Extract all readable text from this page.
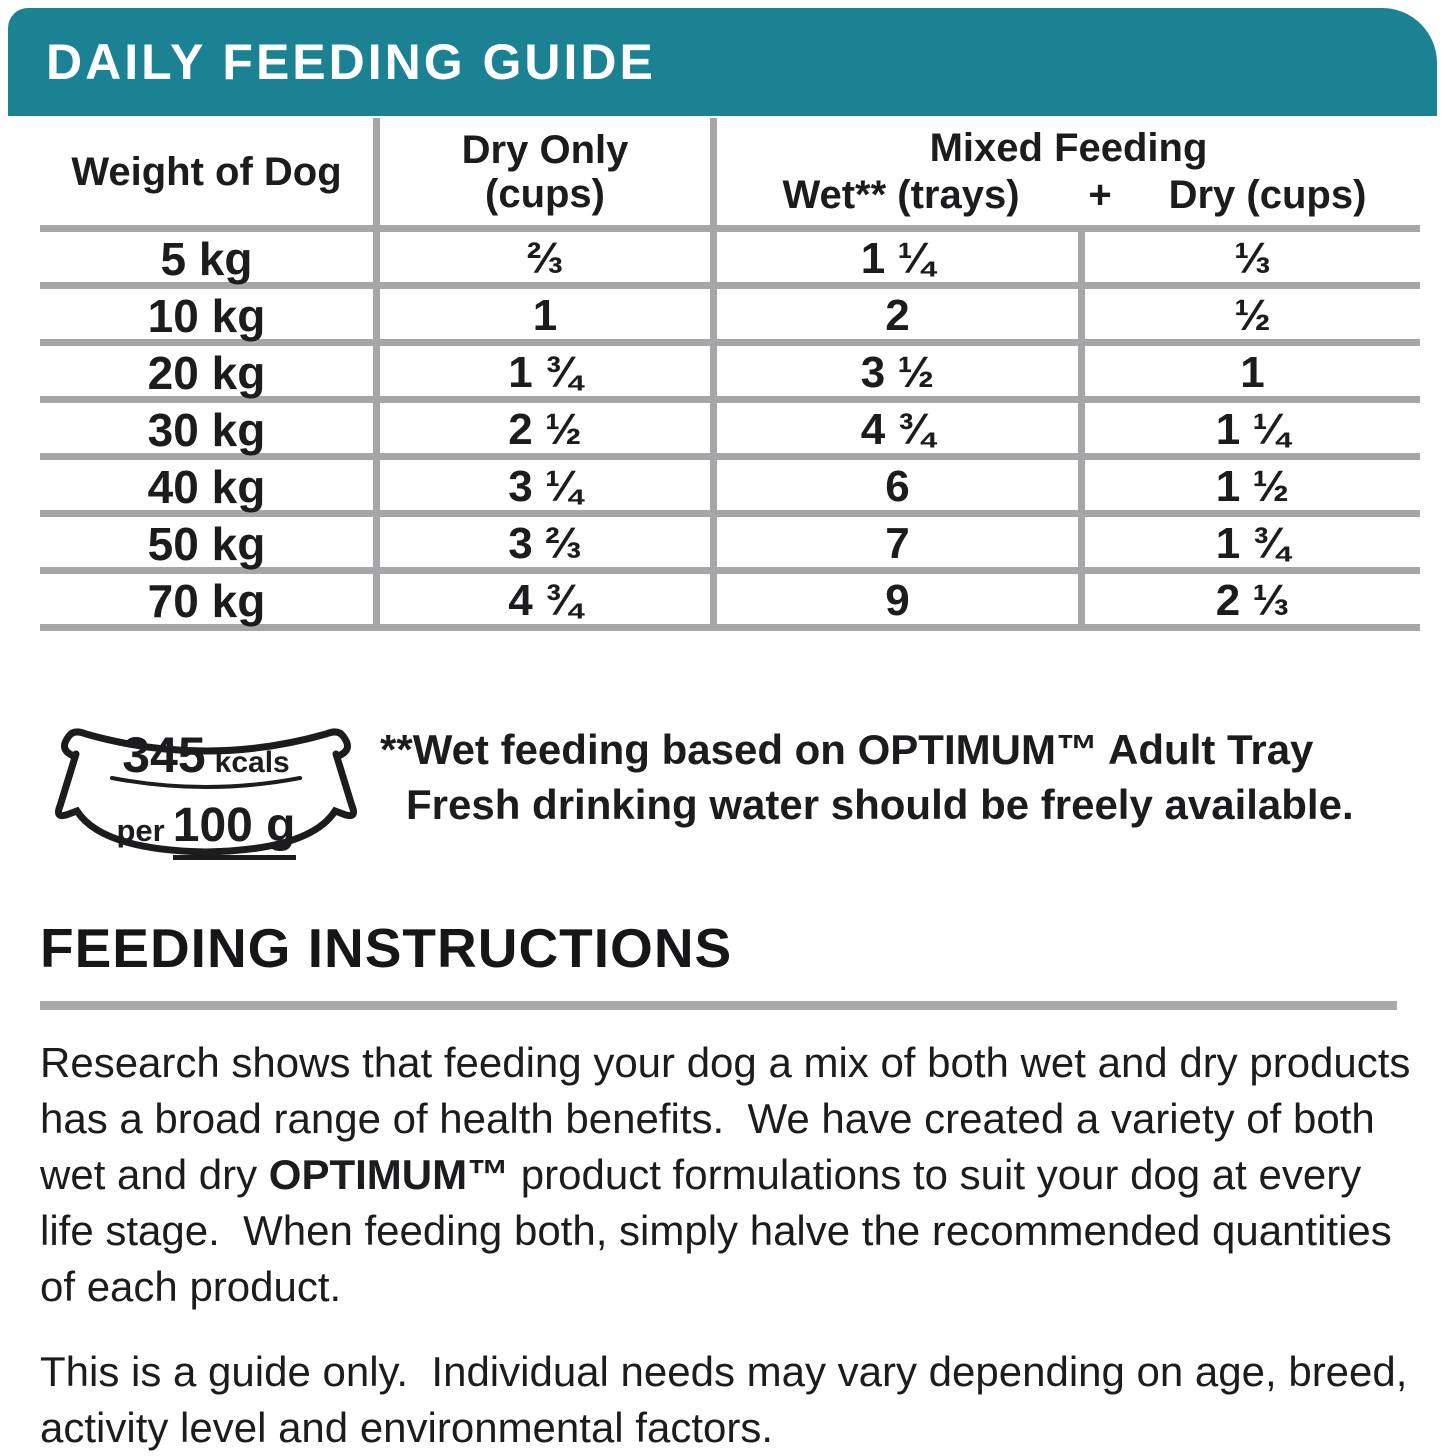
DAILY FEEDING GUIDE
Weight of Dog	Dry Only
(cups)
Mixed Feeding
Wet** (trays)	+	Dry (cups)
5 kg	⅔	1 ¼	⅓
10 kg	1	2	½
20 kg	1 ¾	3 ½	1
30 kg	2 ½	4 ¾	1 ¼
40 kg	3 ¼	6	1 ½
50 kg	3 ⅔	7	1 ¾
70 kg	4 ¾	9	2 ⅓
345 kcals
per 100 g
**Wet feeding based on OPTIMUM™ Adult Tray
Fresh drinking water should be freely available.
FEEDING INSTRUCTIONS

Research shows that feeding your dog a mix of both wet and dry products has a broad range of health benefits.  We have created a variety of both wet and dry OPTIMUM™ product formulations to suit your dog at every life stage.  When feeding both, simply halve the recommended quantities of each product.

This is a guide only.  Individual needs may vary depending on age, breed, activity level and environmental factors.
